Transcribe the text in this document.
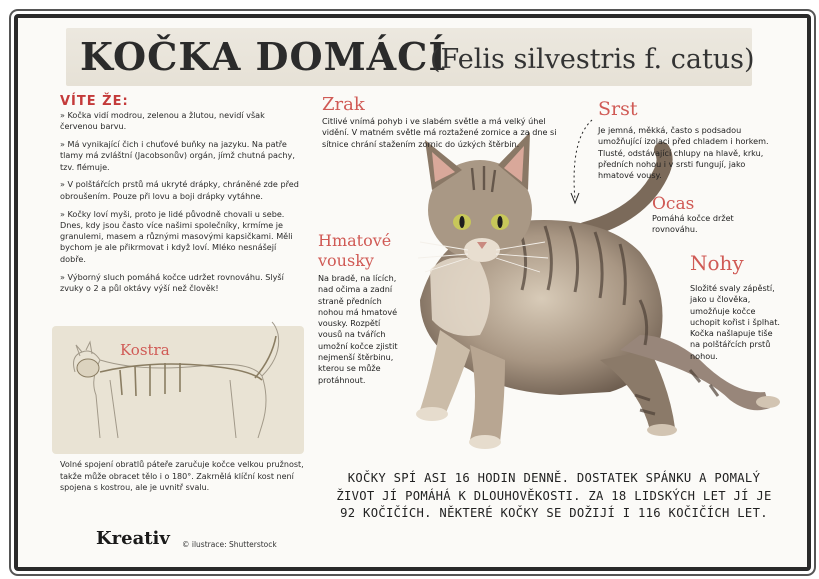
KOČKA DOMÁCÍ
(Felis silvestris f. catus)
VÍTE ŽE:

» Kočka vidí modrou, zelenou a žlutou, nevidí však červenou barvu.

» Má vynikající čich i chuťové buňky na jazyku. Na patře tlamy má zvláštní (Jacobsonův) orgán, jímž chutná pachy, tzv. flémuje.

» V polštářcích prstů má ukryté drápky, chráněné zde před obroušením. Pouze při lovu a boji drápky vytáhne.

» Kočky loví myši, proto je lidé původně chovali u sebe. Dnes, kdy jsou často více našimi společníky, krmíme je granulemi, masem a různými masovými kapsičkami. Měli bychom je ale přikrmovat i když loví. Mléko nesnášejí dobře.

» Výborný sluch pomáhá kočce udržet rovnováhu. Slyší zvuky o 2 a půl oktávy výší než člověk!

Kostra
Volné spojení obratlů páteře zaručuje kočce velkou pružnost, takže může obracet tělo i o 180°. Zakrnělá klíční kost není spojena s kostrou, ale je uvnitř svalu.
Kreativ © ilustrace: Shutterstock
Zrak
Citlivé vnímá pohyb i ve slabém světle a má velký úhel vidění. V matném světle má roztažené zornice a za dne si sítnice chrání stažením zornic do úzkých štěrbin.
Srst
Je jemná, měkká, často s podsadou umožňující izolaci před chladem i horkem. Tlusté, odstávající chlupy na hlavě, krku, předních nohou i v srsti fungují, jako hmatové vousy.
Ocas
Pomáhá kočce držet rovnováhu.
Hmatové
vousky
Na bradě, na lících, nad očima a zadní straně předních nohou má hmatové vousky. Rozpětí vousů na tvářích umožní kočce zjistit nejmenší štěrbinu, kterou se může protáhnout.
Nohy
Složité svaly zápěstí, jako u člověka, umožňuje kočce uchopit kořist i šplhat. Kočka našlapuje tiše na polštářcích prstů nohou.
KOČKY SPÍ ASI 16 HODIN DENNĚ. DOSTATEK SPÁNKU A POMALÝ ŽIVOT JÍ POMÁHÁ K DLOUHOVĚKOSTI. ZA 18 LIDSKÝCH LET JÍ JE 92 KOČIČÍCH. NĚKTERÉ KOČKY SE DOŽIJÍ I 116 KOČIČÍCH LET.
